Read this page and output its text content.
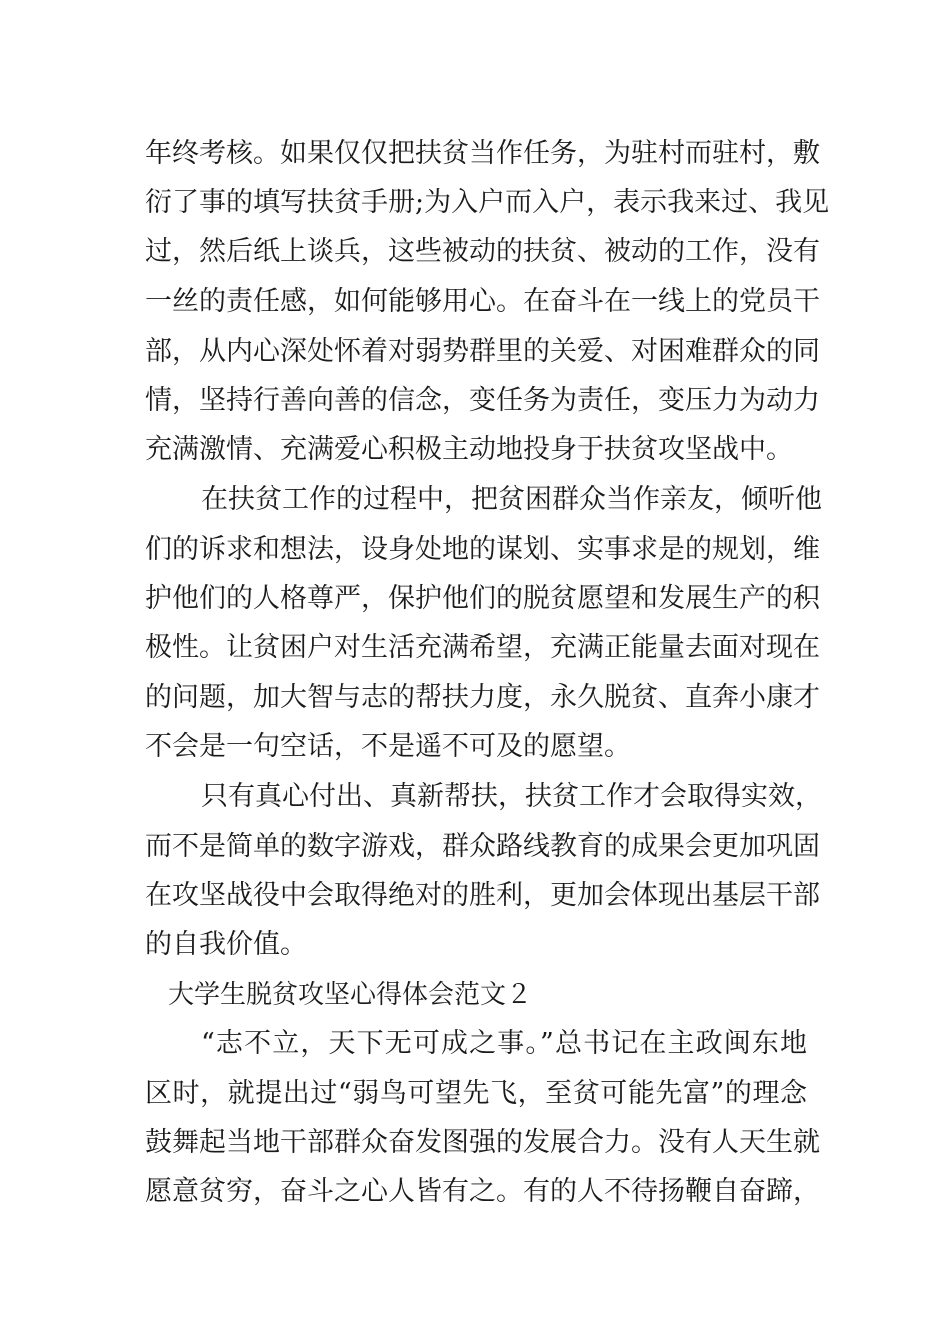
年终考核。如果仅仅把扶贫当作任务，为驻村而驻村，敷
衍了事的填写扶贫手册;为入户而入户，表示我来过、我见
过，然后纸上谈兵，这些被动的扶贫、被动的工作，没有
一丝的责任感，如何能够用心。在奋斗在一线上的党员干
部，从内心深处怀着对弱势群里的关爱、对困难群众的同
情，坚持行善向善的信念，变任务为责任，变压力为动力
充满激情、充满爱心积极主动地投身于扶贫攻坚战中。
在扶贫工作的过程中，把贫困群众当作亲友，倾听他
们的诉求和想法，设身处地的谋划、实事求是的规划，维
护他们的人格尊严，保护他们的脱贫愿望和发展生产的积
极性。让贫困户对生活充满希望，充满正能量去面对现在
的问题，加大智与志的帮扶力度，永久脱贫、直奔小康才
不会是一句空话，不是遥不可及的愿望。
只有真心付出、真新帮扶，扶贫工作才会取得实效，
而不是简单的数字游戏，群众路线教育的成果会更加巩固
在攻坚战役中会取得绝对的胜利，更加会体现出基层干部
的自我价值。
大学生脱贫攻坚心得体会范文２
“志不立，天下无可成之事。”总书记在主政闽东地
区时，就提出过“弱鸟可望先飞，至贫可能先富”的理念
鼓舞起当地干部群众奋发图强的发展合力。没有人天生就
愿意贫穷，奋斗之心人皆有之。有的人不待扬鞭自奋蹄，
